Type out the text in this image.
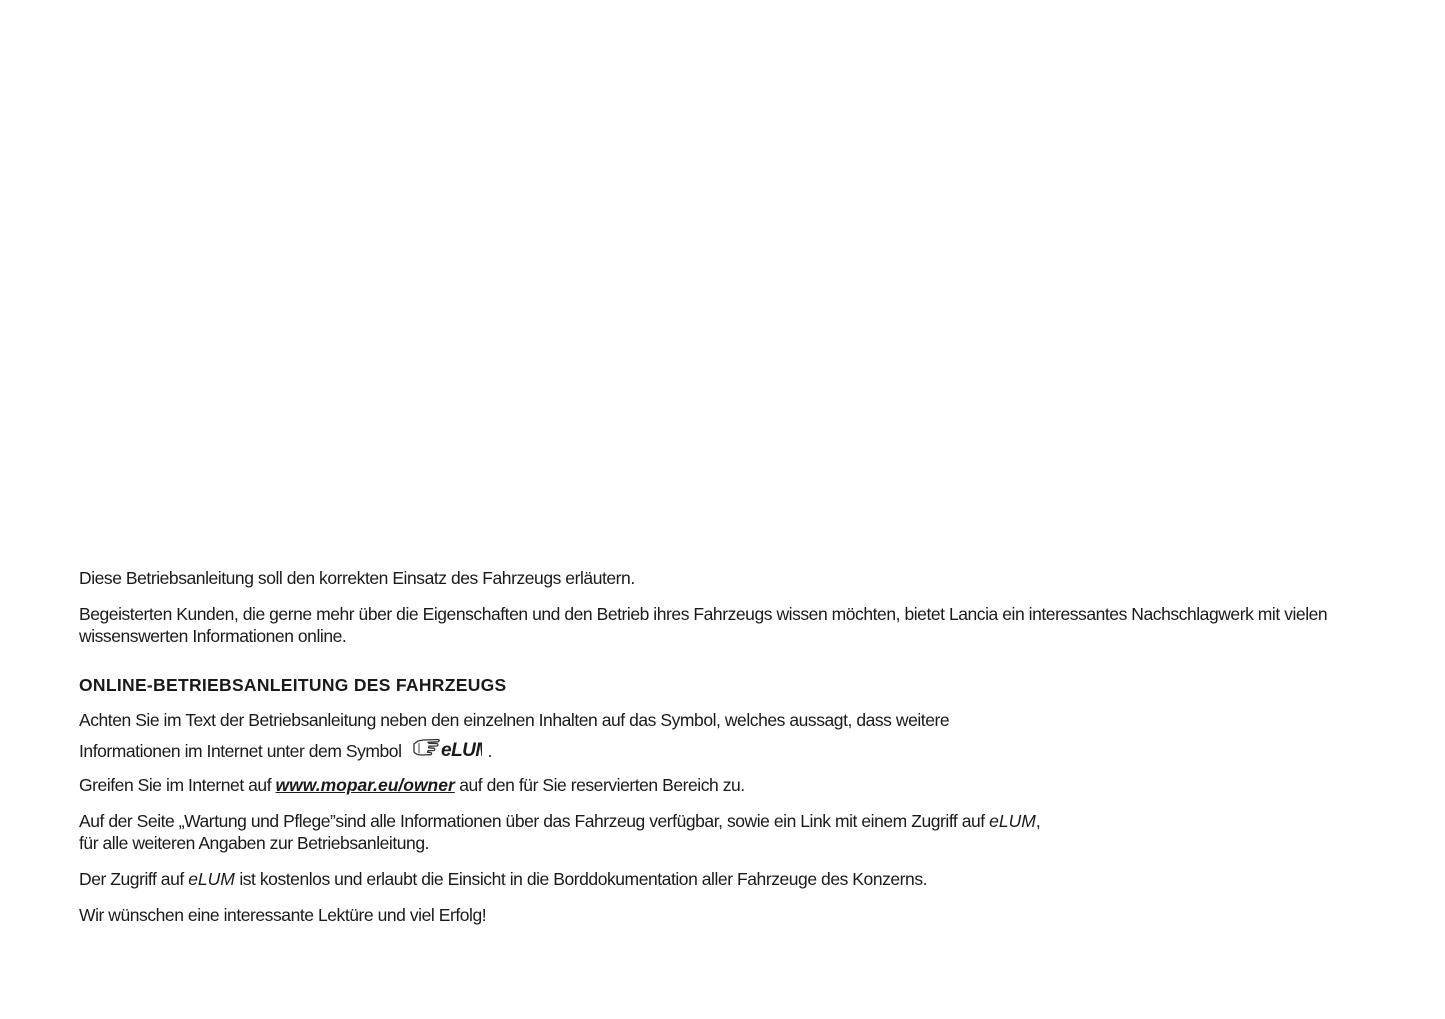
Diese Betriebsanleitung soll den korrekten Einsatz des Fahrzeugs erläutern.

Begeisterten Kunden, die gerne mehr über die Eigenschaften und den Betrieb ihres Fahrzeugs wissen möchten, bietet Lancia ein interessantes Nachschlagwerk mit vielen
wissenswerten Informationen online.

ONLINE-BETRIEBSANLEITUNG DES FAHRZEUGS

Achten Sie im Text der Betriebsanleitung neben den einzelnen Inhalten auf das Symbol, welches aussagt, dass weitere
Informationen im Internet unter dem Symbol eLU .

Greifen Sie im Internet auf www.mopar.eu/owner auf den für Sie reservierten Bereich zu.

Auf der Seite „Wartung und Pflege”sind alle Informationen über das Fahrzeug verfügbar, sowie ein Link mit einem Zugriff auf eLUM,
für alle weiteren Angaben zur Betriebsanleitung.

Der Zugriff auf eLUM ist kostenlos und erlaubt die Einsicht in die Borddokumentation aller Fahrzeuge des Konzerns.

Wir wünschen eine interessante Lektüre und viel Erfolg!
